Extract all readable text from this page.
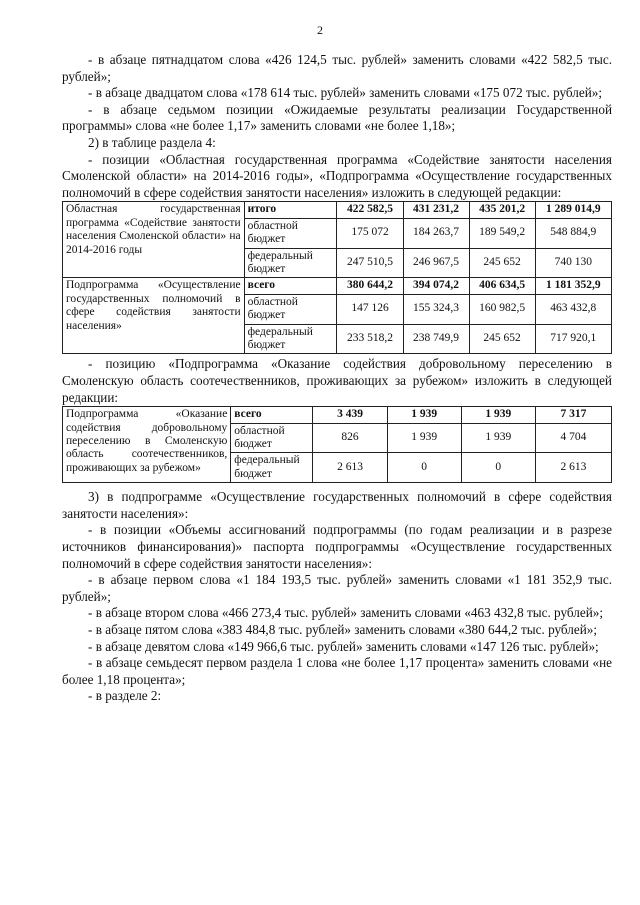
2

- в абзаце пятнадцатом слова «426 124,5 тыс. рублей» заменить словами «422 582,5 тыс. рублей»;

- в абзаце двадцатом слова «178 614 тыс. рублей» заменить словами «175 072 тыс. рублей»;

- в абзаце седьмом позиции «Ожидаемые результаты реализации Государственной программы» слова «не более 1,17» заменить словами «не более 1,18»;

2) в таблице раздела 4:

- позиции «Областная государственная программа «Содействие занятости населения Смоленской области» на 2014-2016 годы», «Подпрограмма «Осуществление государственных полномочий в сфере содействия занятости населения» изложить в следующей редакции:

Областная государственная программа «Содействие занятости населения Смоленской области» на 2014-2016 годы	итого	422 582,5	431 231,2	435 201,2	1 289 014,9
	областной бюджет	175 072	184 263,7	189 549,2	548 884,9
	федеральный бюджет	247 510,5	246 967,5	245 652	740 130
Подпрограмма «Осуществление государственных полномочий в сфере содействия занятости населения»	всего	380 644,2	394 074,2	406 634,5	1 181 352,9
	областной бюджет	147 126	155 324,3	160 982,5	463 432,8
	федеральный бюджет	233 518,2	238 749,9	245 652	717 920,1

- позицию «Подпрограмма «Оказание содействия добровольному переселению в Смоленскую область соотечественников, проживающих за рубежом» изложить в следующей редакции:

Подпрограмма «Оказание содействия добровольному переселению в Смоленскую область соотечественников, проживающих за рубежом»	всего	3 439	1 939	1 939	7 317
	областной бюджет	826	1 939	1 939	4 704
	федеральный бюджет	2 613	0	0	2 613

3) в подпрограмме «Осуществление государственных полномочий в сфере содействия занятости населения»:

- в позиции «Объемы ассигнований подпрограммы (по годам реализации и в разрезе источников финансирования)» паспорта подпрограммы «Осуществление государственных полномочий в сфере содействия занятости населения»:

- в абзаце первом слова «1 184 193,5 тыс. рублей» заменить словами «1 181 352,9 тыс. рублей»;

- в абзаце втором слова «466 273,4 тыс. рублей» заменить словами «463 432,8 тыс. рублей»;

- в абзаце пятом слова «383 484,8 тыс. рублей» заменить словами «380 644,2 тыс. рублей»;

- в абзаце девятом слова «149 966,6 тыс. рублей» заменить словами «147 126 тыс. рублей»;

- в абзаце семьдесят первом раздела 1 слова «не более 1,17 процента» заменить словами «не более 1,18 процента»;

- в разделе 2:
